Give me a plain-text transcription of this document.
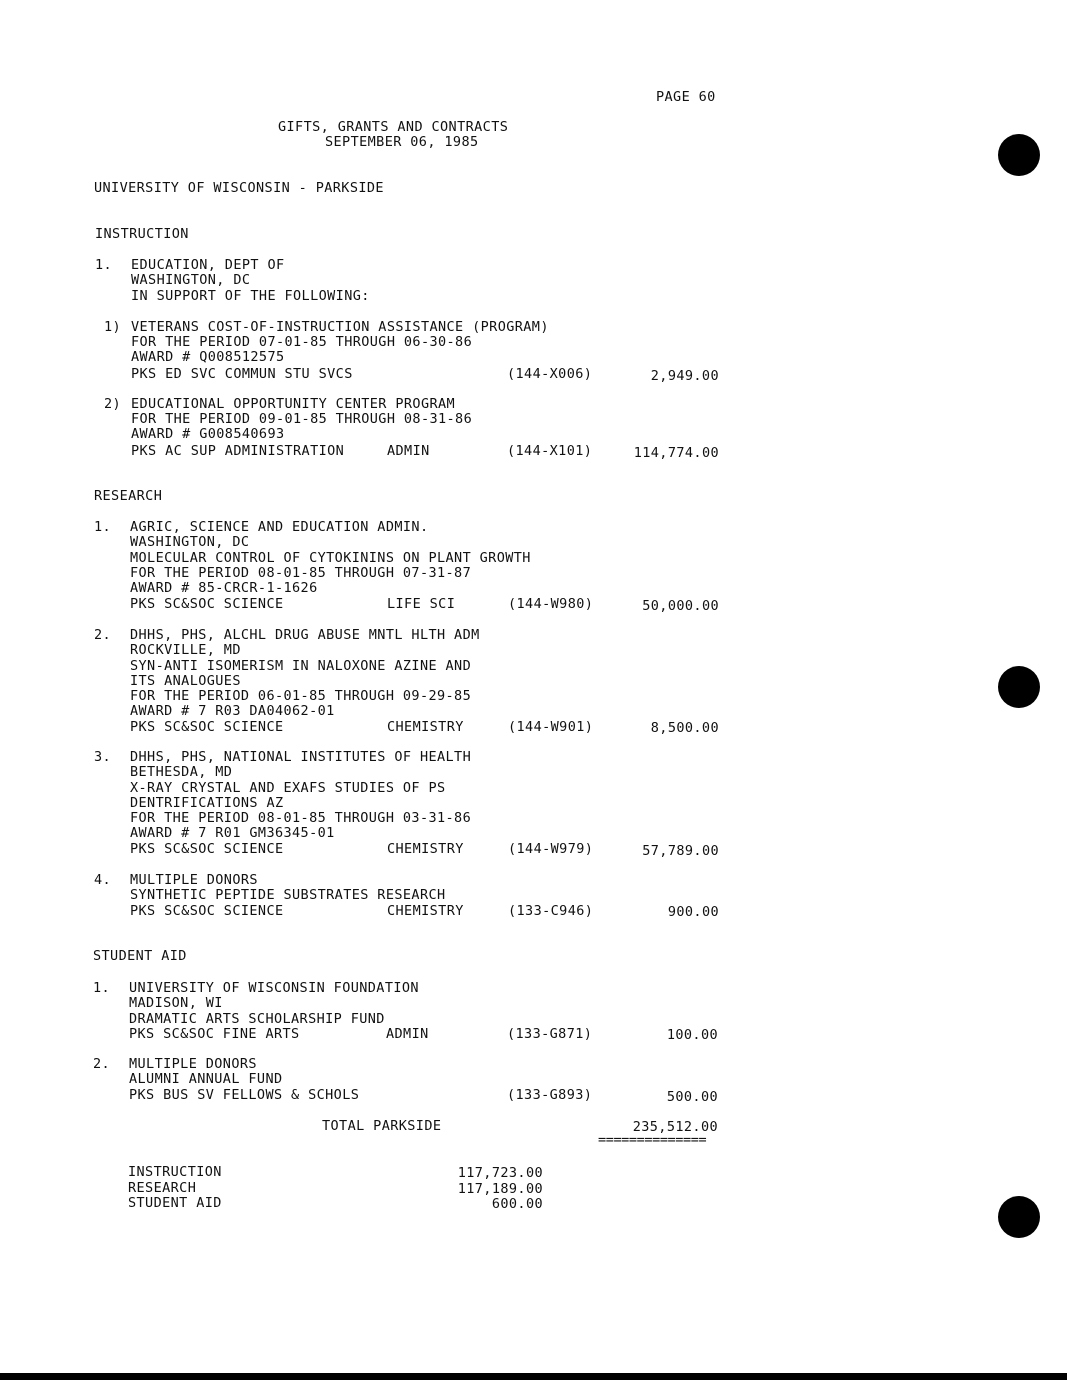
PAGE 60
GIFTS, GRANTS AND CONTRACTS
SEPTEMBER 06, 1985
UNIVERSITY OF WISCONSIN - PARKSIDE
INSTRUCTION
1. EDUCATION, DEPT OF
WASHINGTON, DC
IN SUPPORT OF THE FOLLOWING:
1) VETERANS COST-OF-INSTRUCTION ASSISTANCE (PROGRAM)
FOR THE PERIOD 07-01-85 THROUGH 06-30-86
AWARD # Q008512575
PKS ED SVC COMMUN STU SVCS	(144-X006)	2,949.00
2) EDUCATIONAL OPPORTUNITY CENTER PROGRAM
FOR THE PERIOD 09-01-85 THROUGH 08-31-86
AWARD # G008540693
PKS AC SUP ADMINISTRATION	ADMIN	(144-X101)	114,774.00
RESEARCH
1. AGRIC, SCIENCE AND EDUCATION ADMIN.
WASHINGTON, DC
MOLECULAR CONTROL OF CYTOKININS ON PLANT GROWTH
FOR THE PERIOD 08-01-85 THROUGH 07-31-87
AWARD # 85-CRCR-1-1626
PKS SC&SOC SCIENCE	LIFE SCI	(144-W980)	50,000.00
2. DHHS, PHS, ALCHL DRUG ABUSE MNTL HLTH ADM
ROCKVILLE, MD
SYN-ANTI ISOMERISM IN NALOXONE AZINE AND
ITS ANALOGUES
FOR THE PERIOD 06-01-85 THROUGH 09-29-85
AWARD # 7 R03 DA04062-01
PKS SC&SOC SCIENCE	CHEMISTRY	(144-W901)	8,500.00
3. DHHS, PHS, NATIONAL INSTITUTES OF HEALTH
BETHESDA, MD
X-RAY CRYSTAL AND EXAFS STUDIES OF PS
DENTRIFICATIONS AZ
FOR THE PERIOD 08-01-85 THROUGH 03-31-86
AWARD # 7 R01 GM36345-01
PKS SC&SOC SCIENCE	CHEMISTRY	(144-W979)	57,789.00
4. MULTIPLE DONORS
SYNTHETIC PEPTIDE SUBSTRATES RESEARCH
PKS SC&SOC SCIENCE	CHEMISTRY	(133-C946)	900.00
STUDENT AID
1. UNIVERSITY OF WISCONSIN FOUNDATION
MADISON, WI
DRAMATIC ARTS SCHOLARSHIP FUND
PKS SC&SOC FINE ARTS	ADMIN	(133-G871)	100.00
2. MULTIPLE DONORS
ALUMNI ANNUAL FUND
PKS BUS SV FELLOWS & SCHOLS	(133-G893)	500.00
TOTAL PARKSIDE	235,512.00
==============
INSTRUCTION	117,723.00
RESEARCH	117,189.00
STUDENT AID	600.00
